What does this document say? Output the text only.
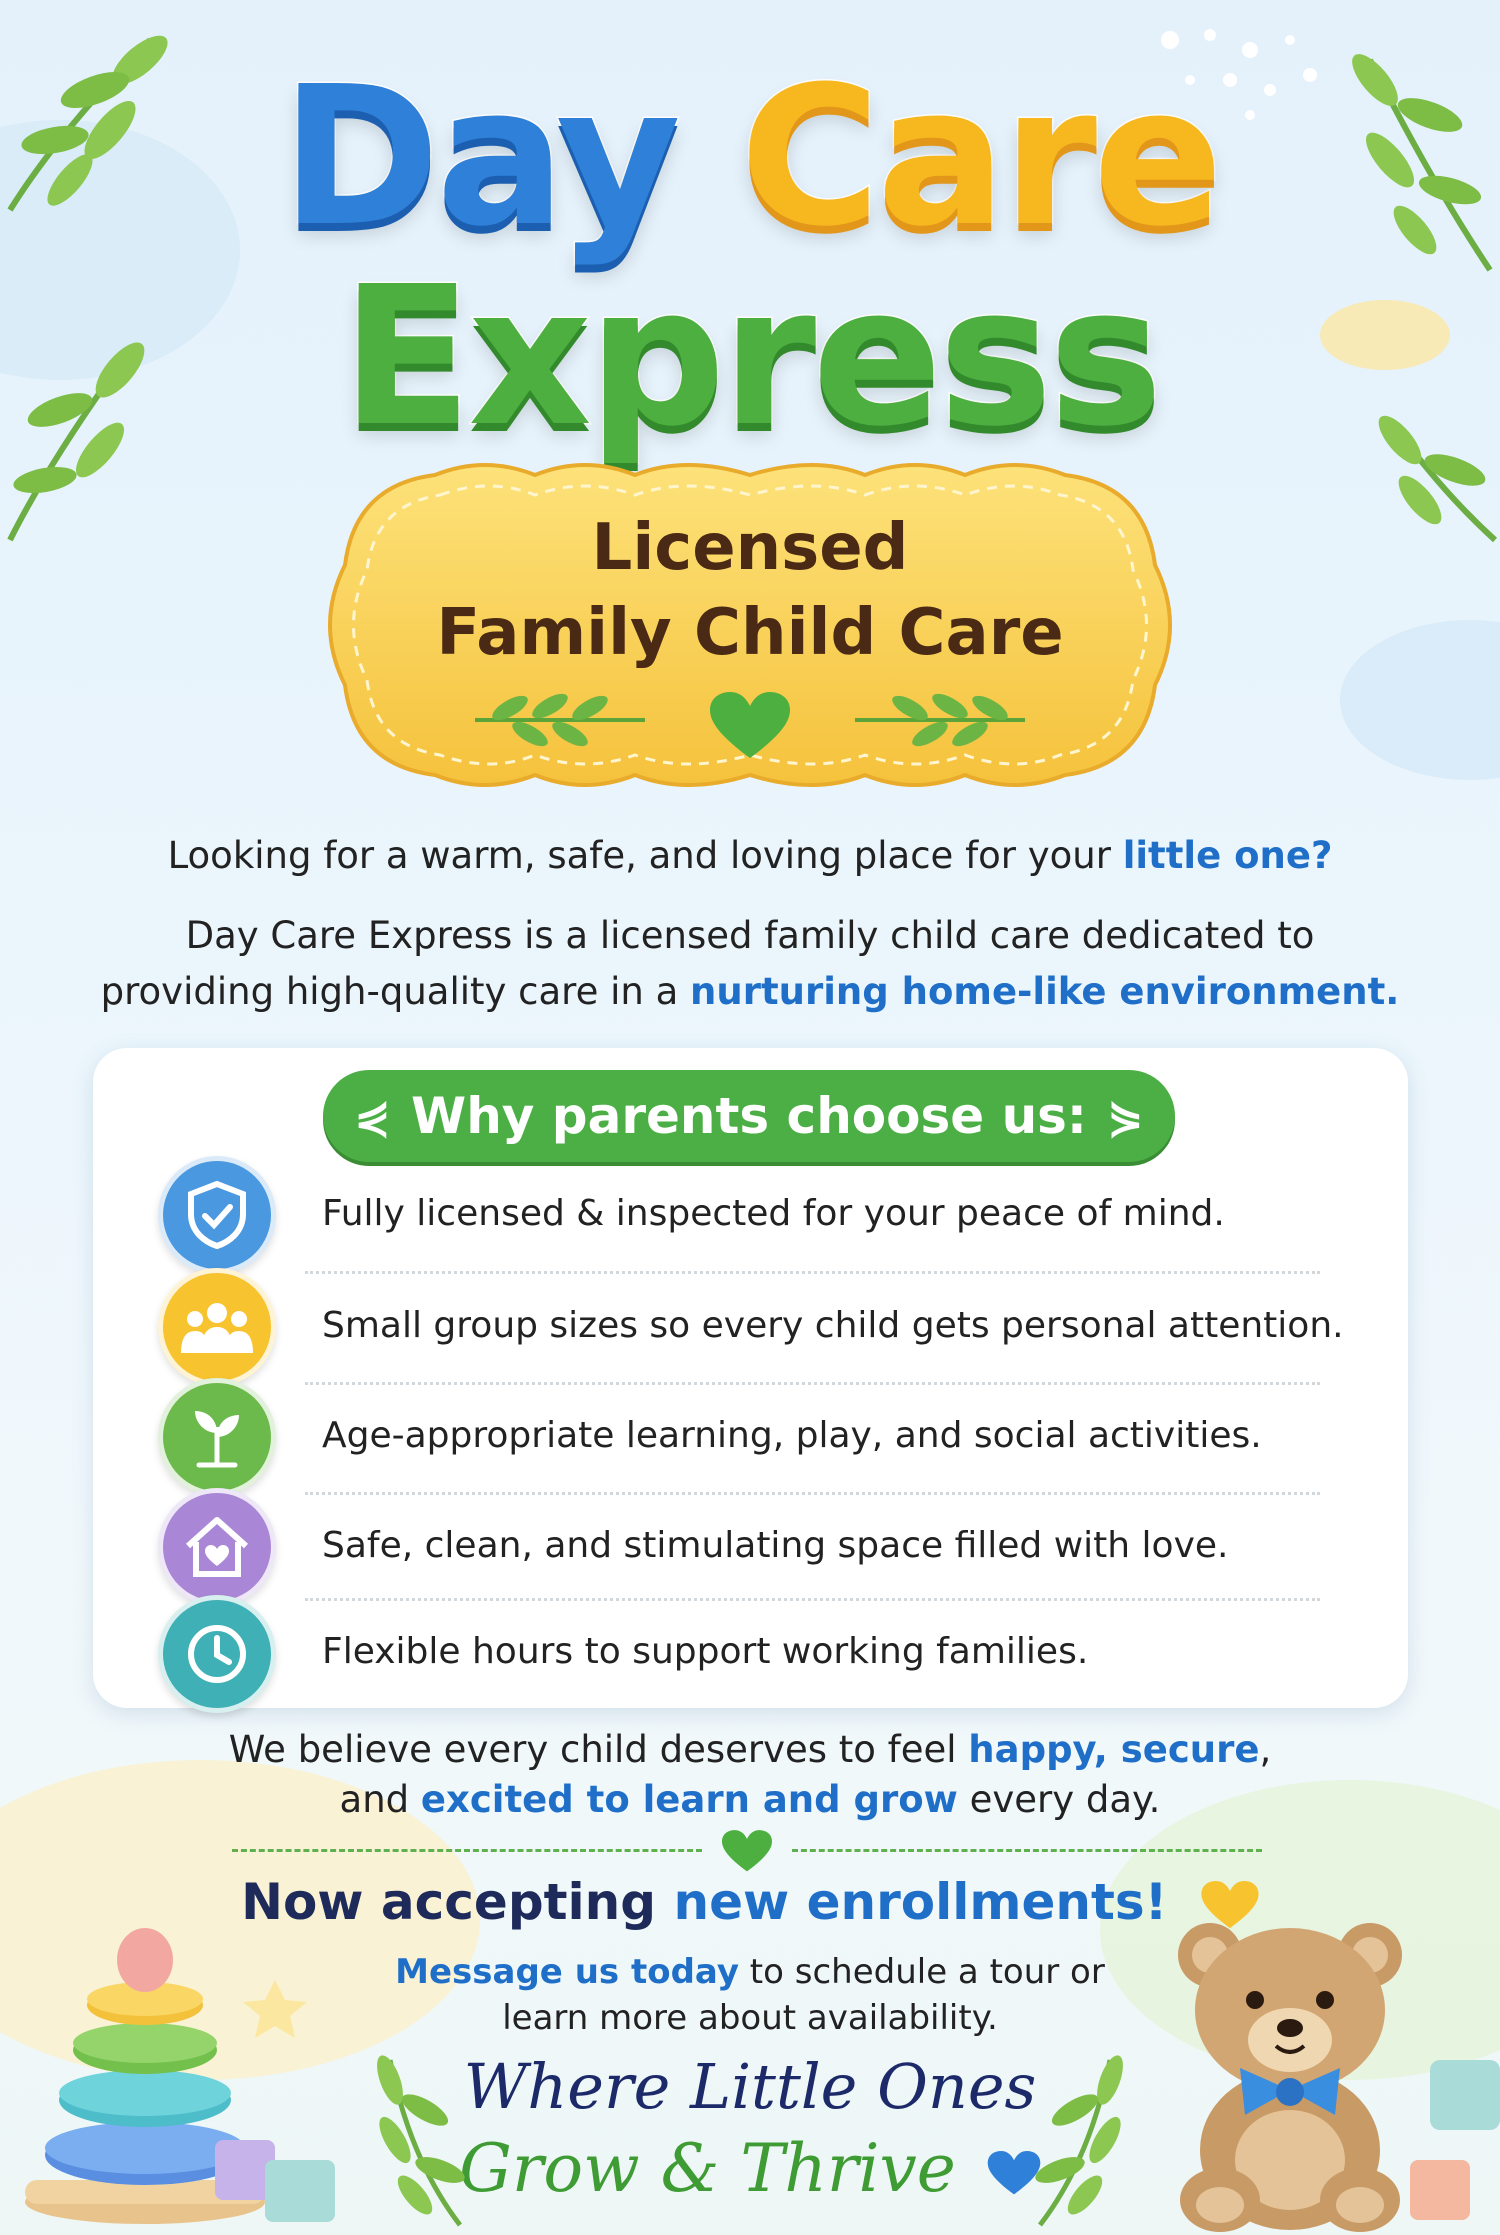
Day Care
Express
Licensed
Family Child Care
Looking for a warm, safe, and loving place for your little one?
Day Care Express is a licensed family child care dedicated to
providing high-quality care in a nurturing home-like environment.
⋞ Why parents choose us: ⋟
Fully licensed & inspected for your peace of mind.
Small group sizes so every child gets personal attention.
Age-appropriate learning, play, and social activities.
Safe, clean, and stimulating space filled with love.
Flexible hours to support working families.
We believe every child deserves to feel happy, secure,
and excited to learn and grow every day.
Now accepting new enrollments!
Message us today to schedule a tour or
learn more about availability.
Where Little Ones
Grow & Thrive
